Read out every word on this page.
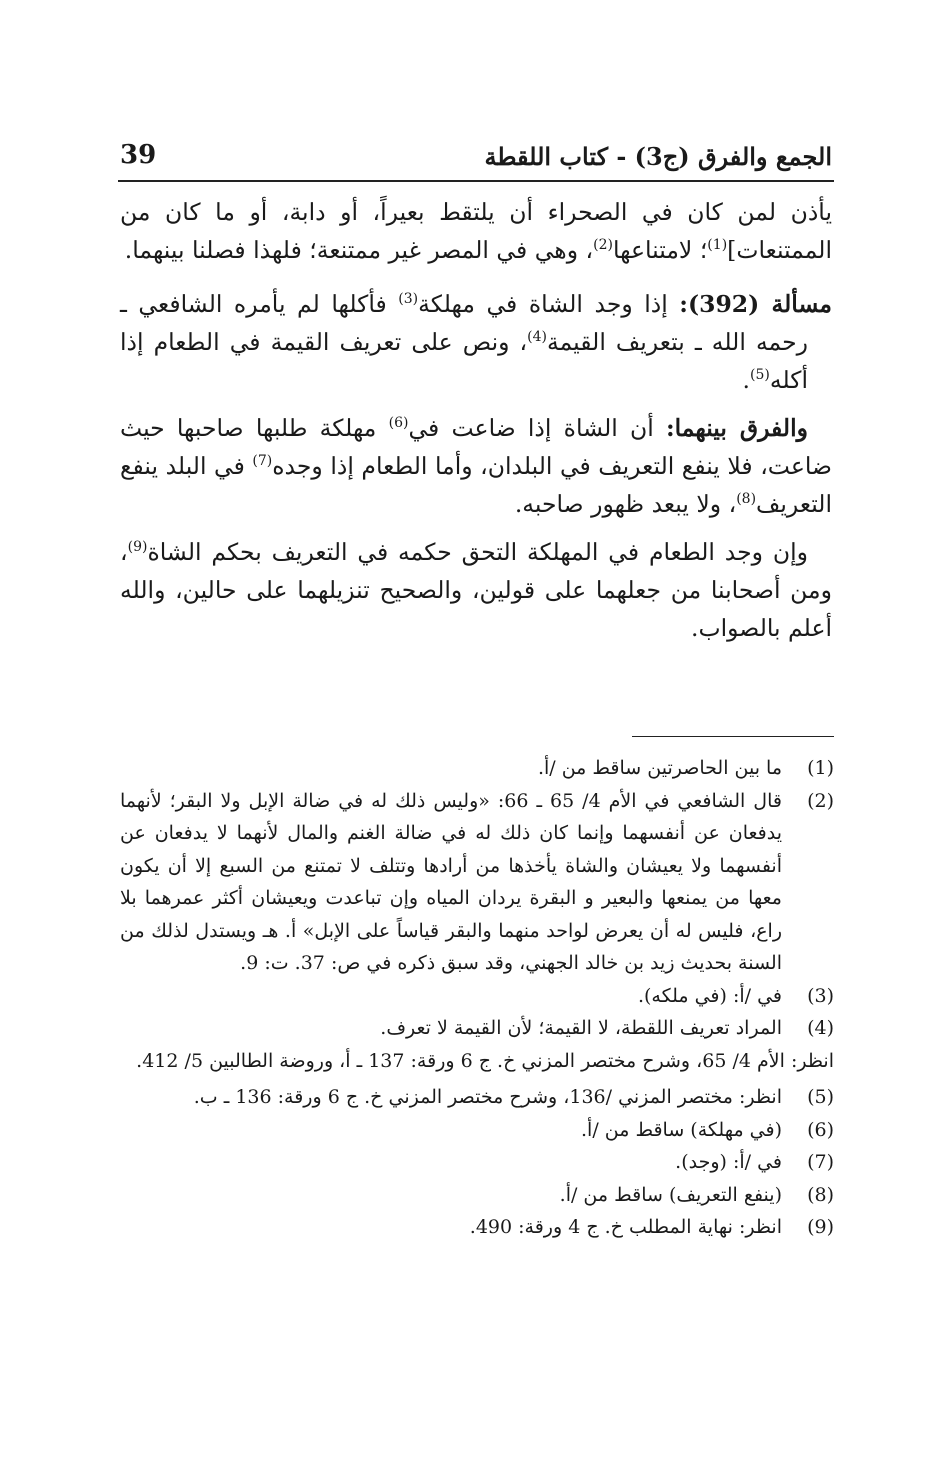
الجمع والفرق (ج3) - كتاب اللقطة
39

يأذن لمن كان في الصحراء أن يلتقط بعيراً، أو دابة، أو ما كان من الممتنعات]$^{(1)}$؛ لامتناعها$^{(2)}$، وهي في المصر غير ممتنعة؛ فلهذا فصلنا بينهما.

مسألة (392): إذا وجد الشاة في مهلكة$^{(3)}$ فأكلها لم يأمره الشافعي ـ رحمه الله ـ بتعريف القيمة$^{(4)}$، ونص على تعريف القيمة في الطعام إذا أكله$^{(5)}$.

والفرق بينهما: أن الشاة إذا ضاعت في$^{(6)}$ مهلكة طلبها صاحبها حيث ضاعت، فلا ينفع التعريف في البلدان، وأما الطعام إذا وجده$^{(7)}$ في البلد ينفع التعريف$^{(8)}$، ولا يبعد ظهور صاحبه.

وإن وجد الطعام في المهلكة التحق حكمه في التعريف بحكم الشاة$^{(9)}$، ومن أصحابنا من جعلهما على قولين، والصحيح تنزيلهما على حالين، والله أعلم بالصواب.

(1)
ما بين الحاصرتين ساقط من /أ.
(2)
قال الشافعي في الأم 4/ 65 ـ 66: «وليس ذلك له في ضالة الإبل ولا البقر؛ لأنهما يدفعان عن أنفسهما وإنما كان ذلك له في ضالة الغنم والمال لأنهما لا يدفعان عن أنفسهما ولا يعيشان والشاة يأخذها من أرادها وتتلف لا تمتنع من السبع إلا أن يكون معها من يمنعها والبعير و البقرة يردان المياه وإن تباعدت ويعيشان أكثر عمرهما بلا راع، فليس له أن يعرض لواحد منهما والبقر قياساً على الإبل» أ. هـ ويستدل لذلك من السنة بحديث زيد بن خالد الجهني، وقد سبق ذكره في ص: 37. ت: 9.
(3)
في /أ: (في ملكه).
(4)
المراد تعريف اللقطة، لا القيمة؛ لأن القيمة لا تعرف.
انظر: الأم 4/ 65، وشرح مختصر المزني خ. ج 6 ورقة: 137 ـ أ، وروضة الطالبين 5/ 412.
(5)
انظر: مختصر المزني /136، وشرح مختصر المزني خ. ج 6 ورقة: 136 ـ ب.
(6)
(في مهلكة) ساقط من /أ.
(7)
في /أ: (وجد).
(8)
(ينفع التعريف) ساقط من /أ.
(9)
انظر: نهاية المطلب خ. ج 4 ورقة: 490.
